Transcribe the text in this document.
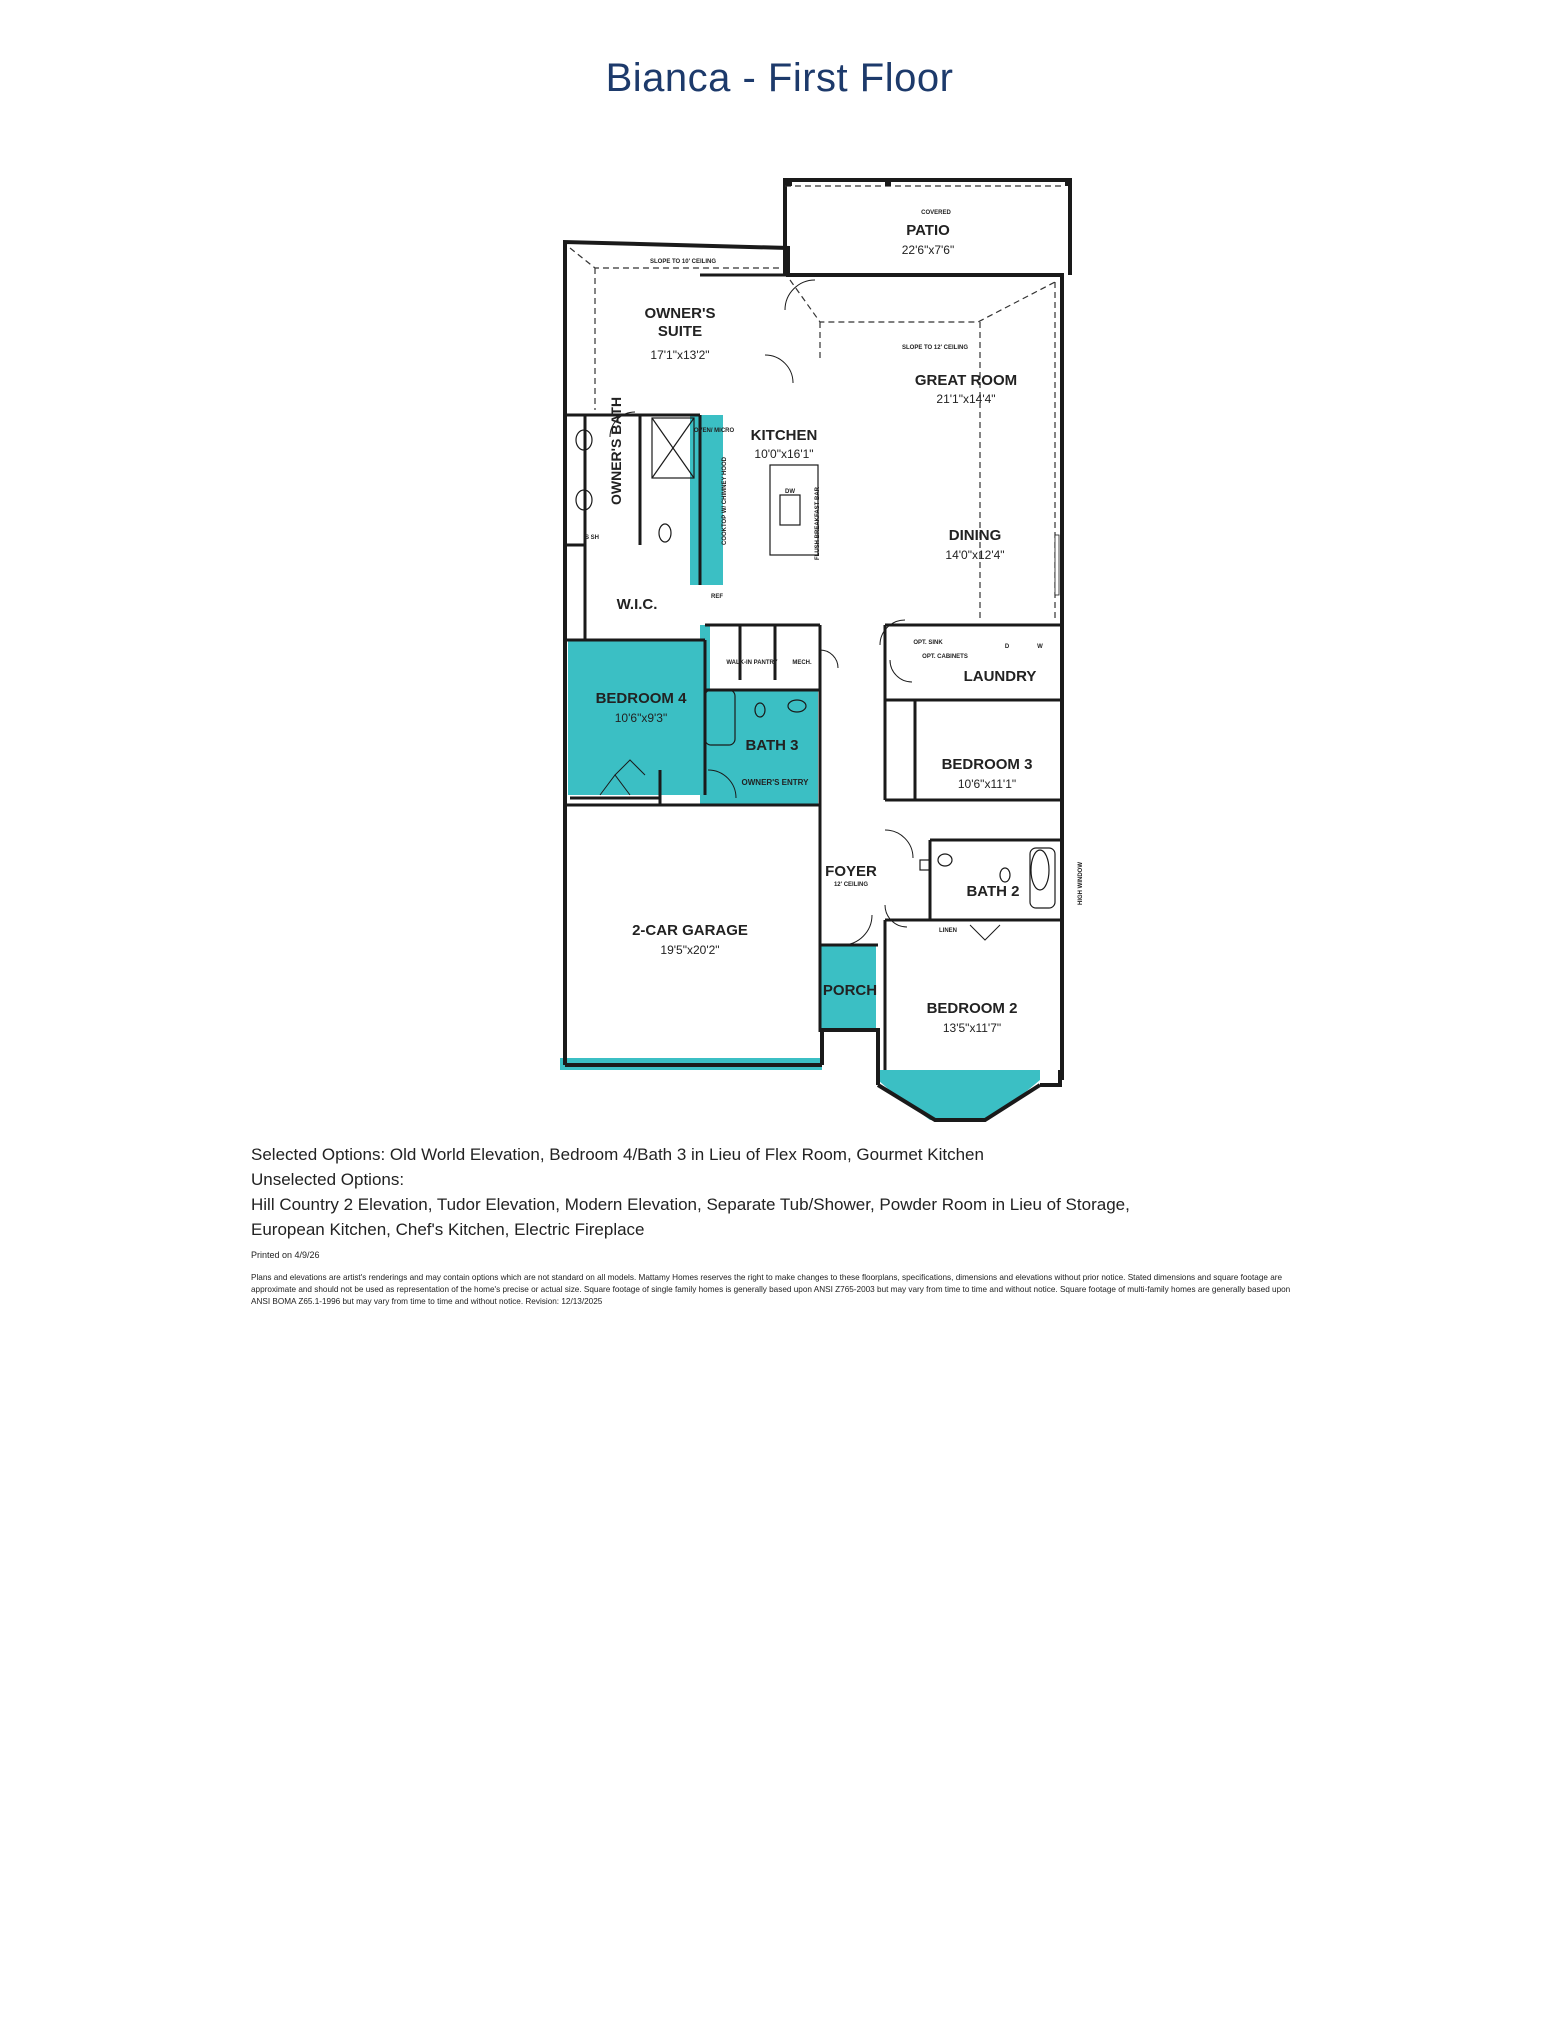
Bianca - First Floor
COVERED
PATIO
22'6"x7'6"
SLOPE TO 10' CEILING
OWNER'S
SUITE
17'1"x13'2"	SLOPE TO 12' CEILING
GREAT ROOM
21'1"x14'4"
KITCHEN
10'0"x16'1"
DINING
14'0"x12'4"
OWNER'S BATH
S SH
W.I.C.
BEDROOM 4
10'6"x9'3"
BATH 3
OWNER'S ENTRY
WALK-IN PANTRY MECH.
OVEN/ MICRO
DW
REF
FLUSH BREAKFAST BAR
COOKTOP W/ CHIMNEY HOOD
OPT. SINK
OPT. CABINETS
D	W
LAUNDRY
BEDROOM 3
10'6"x11'1"
FOYER
12' CEILING	BATH 2
LINEN
HIGH WINDOW
2-CAR GARAGE
19'5"x20'2"
PORCH
BEDROOM 2
13'5"x11'7"
Selected Options: Old World Elevation, Bedroom 4/Bath 3 in Lieu of Flex Room, Gourmet Kitchen
Unselected Options:
Hill Country 2 Elevation, Tudor Elevation, Modern Elevation, Separate Tub/Shower, Powder Room in Lieu of Storage,
European Kitchen, Chef's Kitchen, Electric Fireplace
Printed on 4/9/26
Plans and elevations are artist's renderings and may contain options which are not standard on all models. Mattamy Homes reserves the right to make changes to these floorplans, specifications, dimensions and elevations without prior notice. Stated dimensions and square footage are approximate and should not be used as representation of the home's precise or actual size. Square footage of single family homes is generally based upon ANSI Z765-2003 but may vary from time to time and without notice. Square footage of multi-family homes are generally based upon ANSI BOMA Z65.1-1996 but may vary from time to time and without notice. Revision: 12/13/2025
